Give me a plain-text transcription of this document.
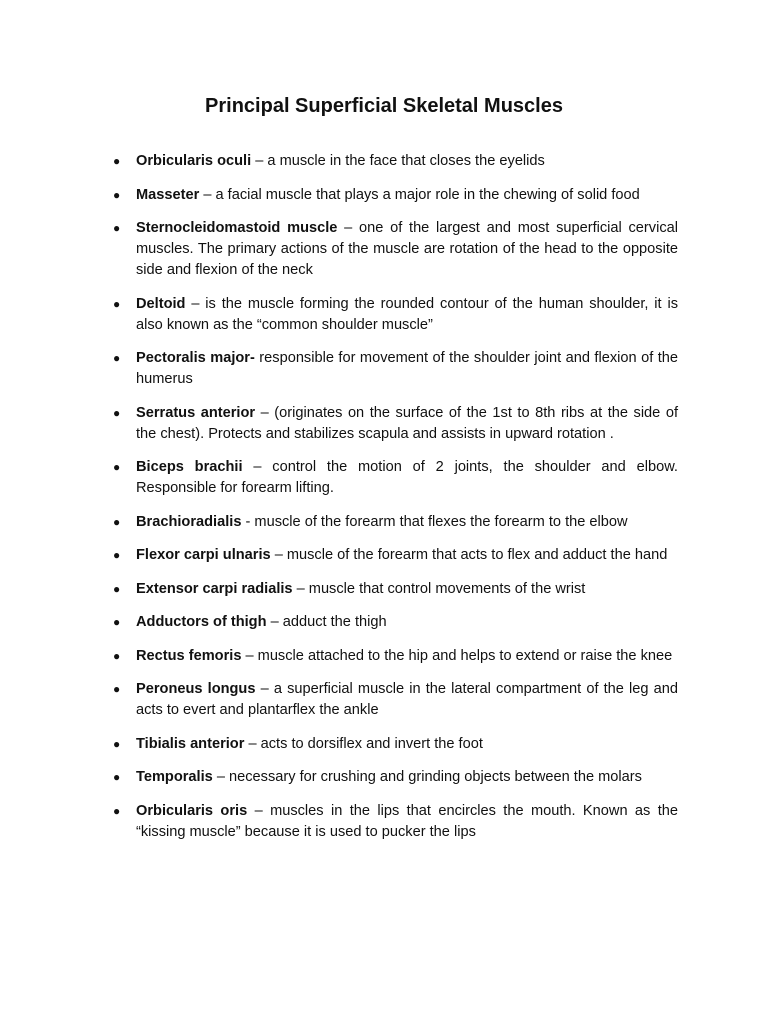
Principal Superficial Skeletal Muscles
● Orbicularis oculi – a muscle in the face that closes the eyelids
● Masseter – a facial muscle that plays a major role in the chewing of solid food
● Sternocleidomastoid muscle – one of the largest and most superficial cervical muscles. The primary actions of the muscle are rotation of the head to the opposite side and flexion of the neck
● Deltoid – is the muscle forming the rounded contour of the human shoulder, it is also known as the “common shoulder muscle”
● Pectoralis major- responsible for movement of the shoulder joint and flexion of the humerus
● Serratus anterior – (originates on the surface of the 1st to 8th ribs at the side of the chest). Protects and stabilizes scapula and assists in upward rotation .
● Biceps brachii – control the motion of 2 joints, the shoulder and elbow. Responsible for forearm lifting.
● Brachioradialis - muscle of the forearm that flexes the forearm to the elbow
● Flexor carpi ulnaris – muscle of the forearm that acts to flex and adduct the hand
● Extensor carpi radialis – muscle that control movements of the wrist
● Adductors of thigh – adduct the thigh
● Rectus femoris – muscle attached to the hip and helps to extend or raise the knee
● Peroneus longus – a superficial muscle in the lateral compartment of the leg and acts to evert and plantarflex the ankle
● Tibialis anterior – acts to dorsiflex and invert the foot
● Temporalis – necessary for crushing and grinding objects between the molars
● Orbicularis oris – muscles in the lips that encircles the mouth. Known as the “kissing muscle” because it is used to pucker the lips
